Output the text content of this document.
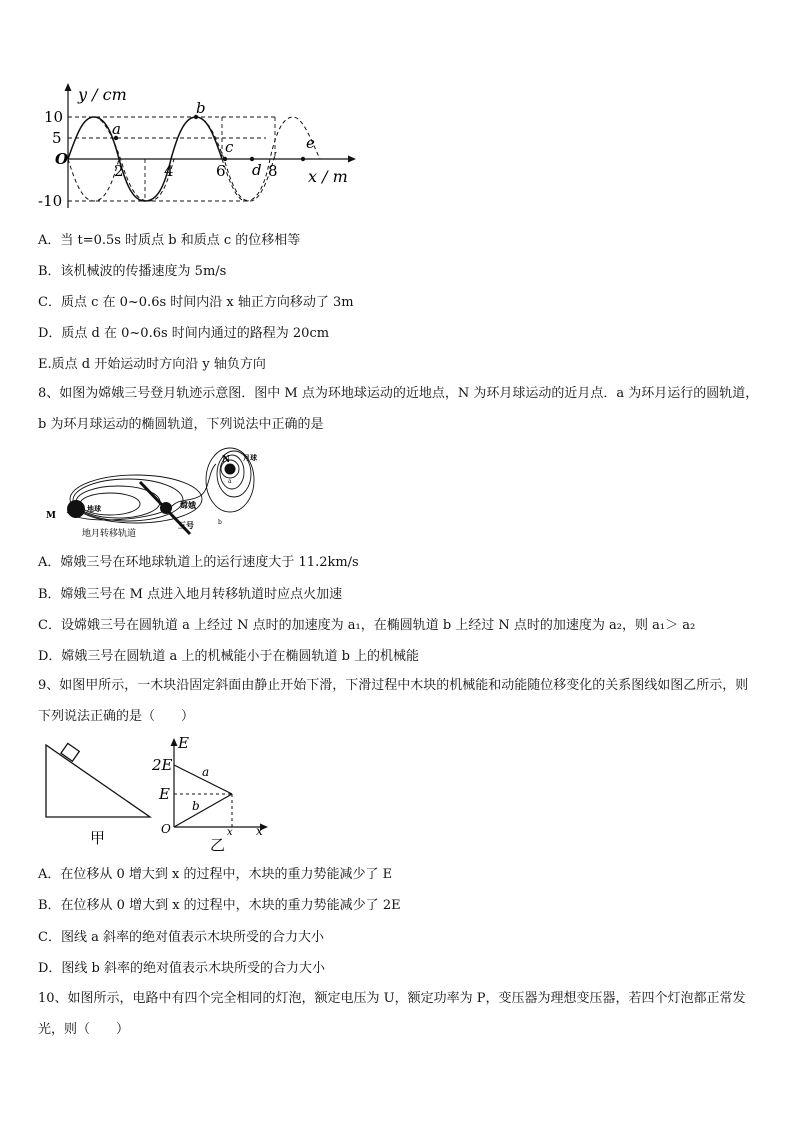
y / cm
x / m
O
10
5
-10
2	4	6	8
a
b
c
d
e
A．当 t=0.5s 时质点 b 和质点 c 的位移相等
B．该机械波的传播速度为 5m/s
C．质点 c 在 0~0.6s 时间内沿 x 轴正方向移动了 3m
D．质点 d 在 0~0.6s 时间内通过的路程为 20cm
E.质点 d 开始运动时方向沿 y 轴负方向
8、如图为嫦娥三号登月轨迹示意图．图中 M 点为环地球运动的近地点，N 为环月球运动的近月点．a 为环月运行的圆轨道，b 为环月球运动的椭圆轨道，下列说法中正确的是
M
地球
地月转移轨道
嫦娥
三号
N 月球
a
b
A．嫦娥三号在环地球轨道上的运行速度大于 11.2km/s
B．嫦娥三号在 M 点进入地月转移轨道时应点火加速
C．设嫦娥三号在圆轨道 a 上经过 N 点时的加速度为 a₁，在椭圆轨道 b 上经过 N 点时的加速度为 a₂，则 a₁＞ a₂
D．嫦娥三号在圆轨道 a 上的机械能小于在椭圆轨道 b 上的机械能
9、如图甲所示，一木块沿固定斜面由静止开始下滑，下滑过程中木块的机械能和动能随位移变化的关系图线如图乙所示，则下列说法正确的是（　　）
甲
E
2E
E
O	x x
a
b
乙
A．在位移从 0 增大到 x 的过程中，木块的重力势能减少了 E
B．在位移从 0 增大到 x 的过程中，木块的重力势能减少了 2E
C．图线 a 斜率的绝对值表示木块所受的合力大小
D．图线 b 斜率的绝对值表示木块所受的合力大小
10、如图所示，电路中有四个完全相同的灯泡，额定电压为 U，额定功率为 P，变压器为理想变压器，若四个灯泡都正常发光，则（　　）
